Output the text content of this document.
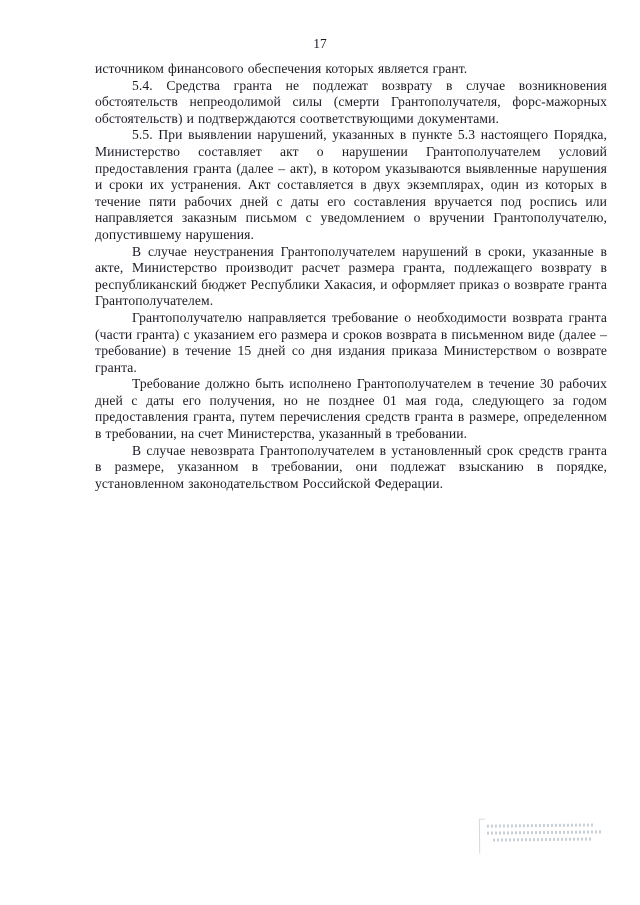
17

источником финансового обеспечения которых является грант.

5.4. Средства гранта не подлежат возврату в случае возникновения обстоятельств непреодолимой силы (смерти Грантополучателя, форс-мажорных обстоятельств) и подтверждаются соответствующими документами.

5.5. При выявлении нарушений, указанных в пункте 5.3 настоящего Порядка, Министерство составляет акт о нарушении Грантополучателем условий предоставления гранта (далее – акт), в котором указываются выявленные нарушения и сроки их устранения. Акт составляется в двух экземплярах, один из которых в течение пяти рабочих дней с даты его составления вручается под роспись или направляется заказным письмом с уведомлением о вручении Грантополучателю, допустившему нарушения.

В случае неустранения Грантополучателем нарушений в сроки, указанные в акте, Министерство производит расчет размера гранта, подлежащего возврату в республиканский бюджет Республики Хакасия, и оформляет приказ о возврате гранта Грантополучателем.

Грантополучателю направляется требование о необходимости возврата гранта (части гранта) с указанием его размера и сроков возврата в письменном виде (далее – требование) в течение 15 дней со дня издания приказа Министерством о возврате гранта.

Требование должно быть исполнено Грантополучателем в течение 30 рабочих дней с даты его получения, но не позднее 01 мая года, следующего за годом предоставления гранта, путем перечисления средств гранта в размере, определенном в требовании, на счет Министерства, указанный в требовании.

В случае невозврата Грантополучателем в установленный срок средств гранта в размере, указанном в требовании, они подлежат взысканию в порядке, установленном законодательством Российской Федерации.
